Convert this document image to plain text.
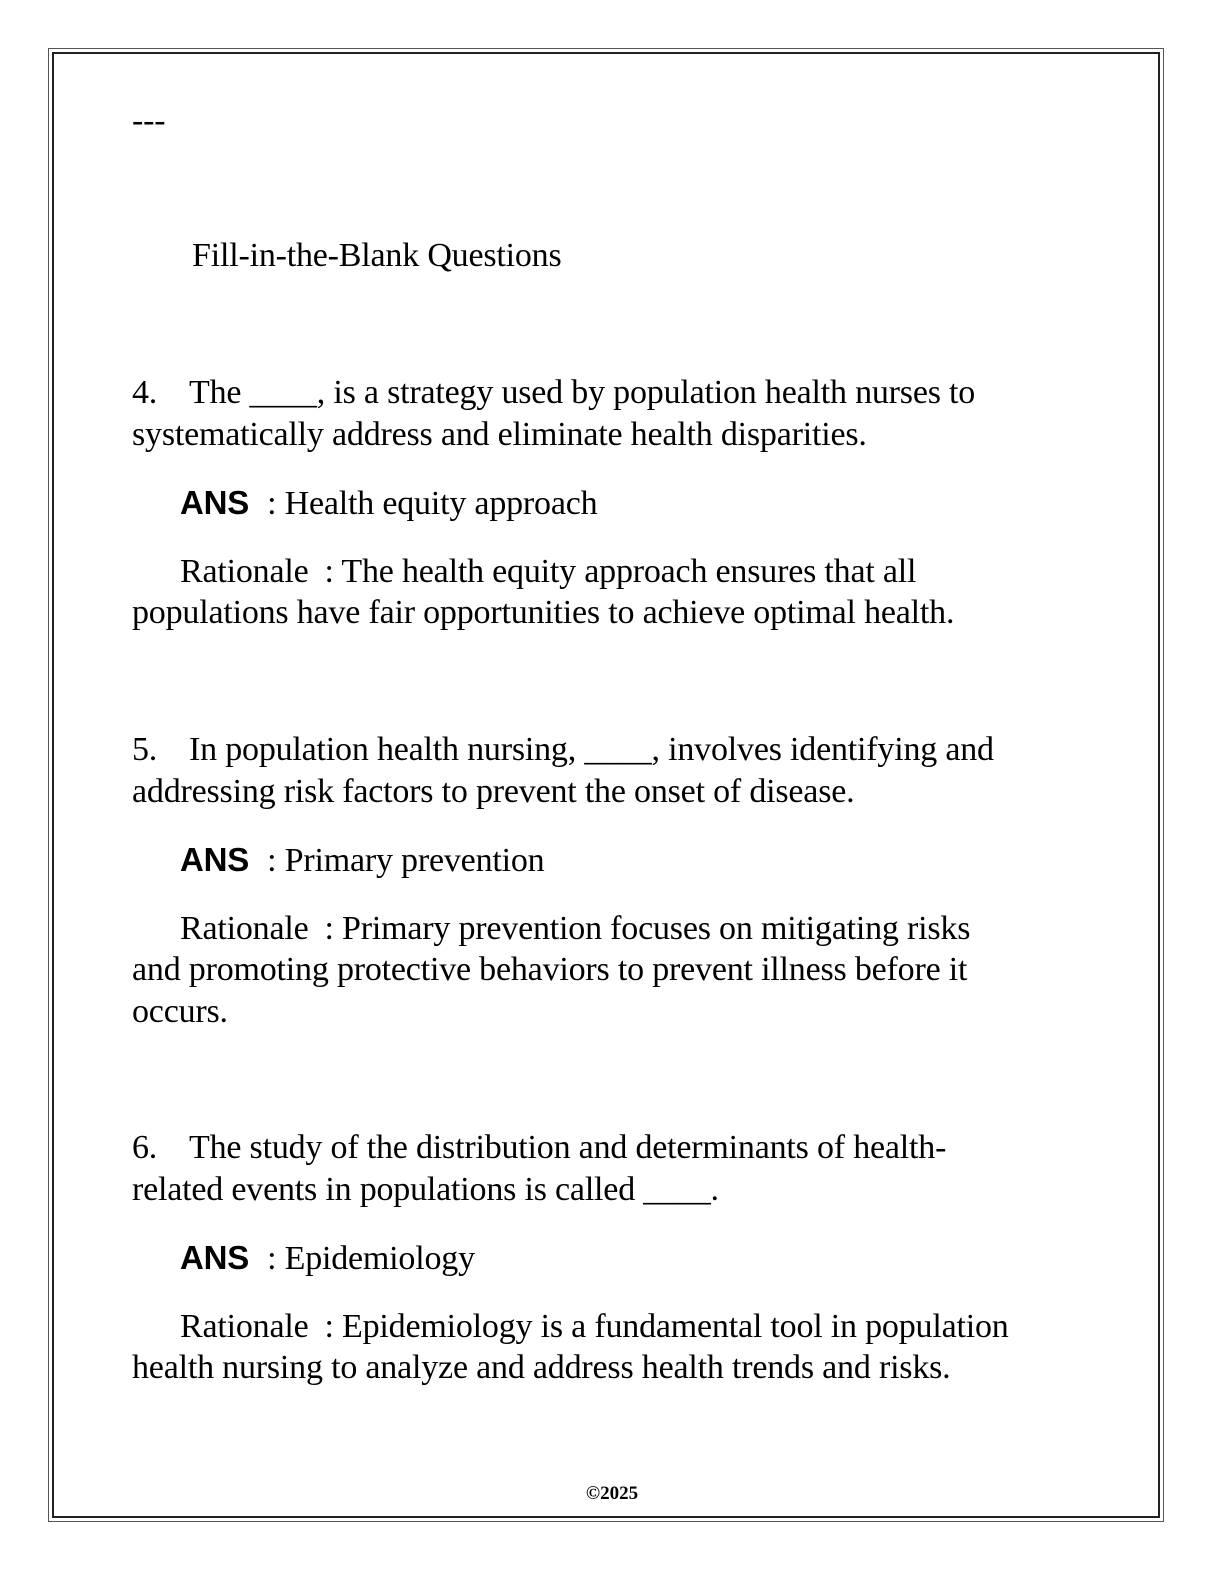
---
Fill-in-the-Blank Questions
4. The ____, is a strategy used by population health nurses to
systematically address and eliminate health disparities.
ANS : Health equity approach
Rationale : The health equity approach ensures that all
populations have fair opportunities to achieve optimal health.
5. In population health nursing, ____, involves identifying and
addressing risk factors to prevent the onset of disease.
ANS : Primary prevention
Rationale : Primary prevention focuses on mitigating risks
and promoting protective behaviors to prevent illness before it
occurs.
6. The study of the distribution and determinants of health-
related events in populations is called ____.
ANS : Epidemiology
Rationale : Epidemiology is a fundamental tool in population
health nursing to analyze and address health trends and risks.
©2025
